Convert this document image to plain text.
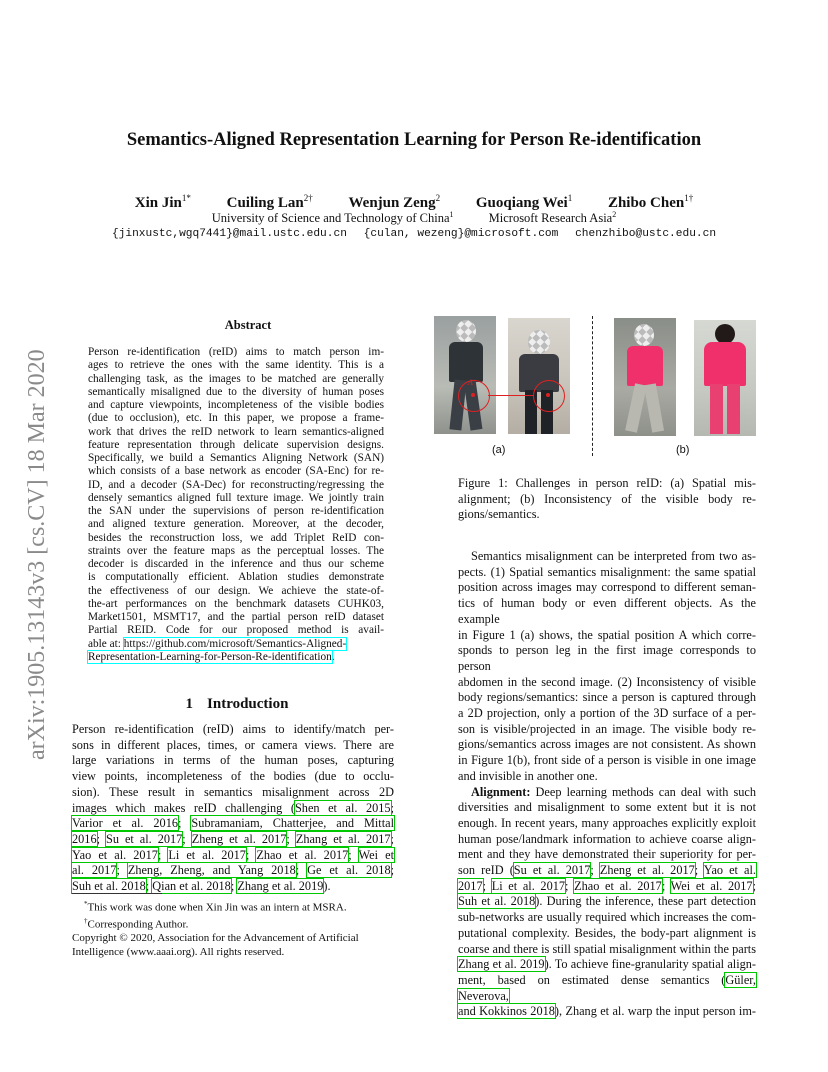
Semantics-Aligned Representation Learning for Person Re-identification
Xin Jin$^{1*}$ Cuiling Lan$^{2\dagger}$ Wenjun Zeng$^2$ Guoqiang Wei$^1$ Zhibo Chen$^{1\dagger}$
University of Science and Technology of China$^1$	Microsoft Research Asia$^2$
{jinxustc,wgq7441}@mail.ustc.edu.cn {culan, wezeng}@microsoft.com chenzhibo@ustc.edu.cn
arXiv:1905.13143v3 [cs.CV] 18 Mar 2020
Abstract
Person re-identification (reID) aims to match person im-
ages to retrieve the ones with the same identity. This is a
challenging task, as the images to be matched are generally
semantically misaligned due to the diversity of human poses
and capture viewpoints, incompleteness of the visible bodies
(due to occlusion), etc. In this paper, we propose a frame-
work that drives the reID network to learn semantics-aligned
feature representation through delicate supervision designs.
Specifically, we build a Semantics Aligning Network (SAN)
which consists of a base network as encoder (SA-Enc) for re-
ID, and a decoder (SA-Dec) for reconstructing/regressing the
densely semantics aligned full texture image. We jointly train
the SAN under the supervisions of person re-identification
and aligned texture generation. Moreover, at the decoder,
besides the reconstruction loss, we add Triplet ReID con-
straints over the feature maps as the perceptual losses. The
decoder is discarded in the inference and thus our scheme
is computationally efficient. Ablation studies demonstrate
the effectiveness of our design. We achieve the state-of-
the-art performances on the benchmark datasets CUHK03,
Market1501, MSMT17, and the partial person reID dataset
Partial REID. Code for our proposed method is avail-
able at: https://github.com/microsoft/Semantics-Aligned-
Representation-Learning-for-Person-Re-identification.
1 Introduction
Person re-identification (reID) aims to identify/match per-
sons in different places, times, or camera views. There are
large variations in terms of the human poses, capturing
view points, incompleteness of the bodies (due to occlu-
sion). These result in semantics misalignment across 2D
images which makes reID challenging (Shen et al. 2015;
Varior et al. 2016; Subramaniam, Chatterjee, and Mittal
2016; Su et al. 2017; Zheng et al. 2017; Zhang et al. 2017;
Yao et al. 2017; Li et al. 2017; Zhao et al. 2017; Wei et
al. 2017; Zheng, Zheng, and Yang 2018; Ge et al. 2018;
Suh et al. 2018; Qian et al. 2018; Zhang et al. 2019).
*This work was done when Xin Jin was an intern at MSRA.
†Corresponding Author.
Copyright © 2020, Association for the Advancement of Artificial
Intelligence (www.aaai.org). All rights reserved.
A
(a)	(b)
Figure 1: Challenges in person reID: (a) Spatial mis-
alignment; (b) Inconsistency of the visible body re-
gions/semantics.
Semantics misalignment can be interpreted from two as-
pects. (1) Spatial semantics misalignment: the same spatial
position across images may correspond to different seman-
tics of human body or even different objects. As the example
in Figure 1 (a) shows, the spatial position A which corre-
sponds to person leg in the first image corresponds to person
abdomen in the second image. (2) Inconsistency of visible
body regions/semantics: since a person is captured through
a 2D projection, only a portion of the 3D surface of a per-
son is visible/projected in an image. The visible body re-
gions/semantics across images are not consistent. As shown
in Figure 1(b), front side of a person is visible in one image
and invisible in another one.
Alignment: Deep learning methods can deal with such
diversities and misalignment to some extent but it is not
enough. In recent years, many approaches explicitly exploit
human pose/landmark information to achieve coarse align-
ment and they have demonstrated their superiority for per-
son reID (Su et al. 2017; Zheng et al. 2017; Yao et al.
2017; Li et al. 2017; Zhao et al. 2017; Wei et al. 2017;
Suh et al. 2018). During the inference, these part detection
sub-networks are usually required which increases the com-
putational complexity. Besides, the body-part alignment is
coarse and there is still spatial misalignment within the parts
Zhang et al. 2019). To achieve fine-granularity spatial align-
ment, based on estimated dense semantics (Güler, Neverova,
and Kokkinos 2018), Zhang et al. warp the input person im-
